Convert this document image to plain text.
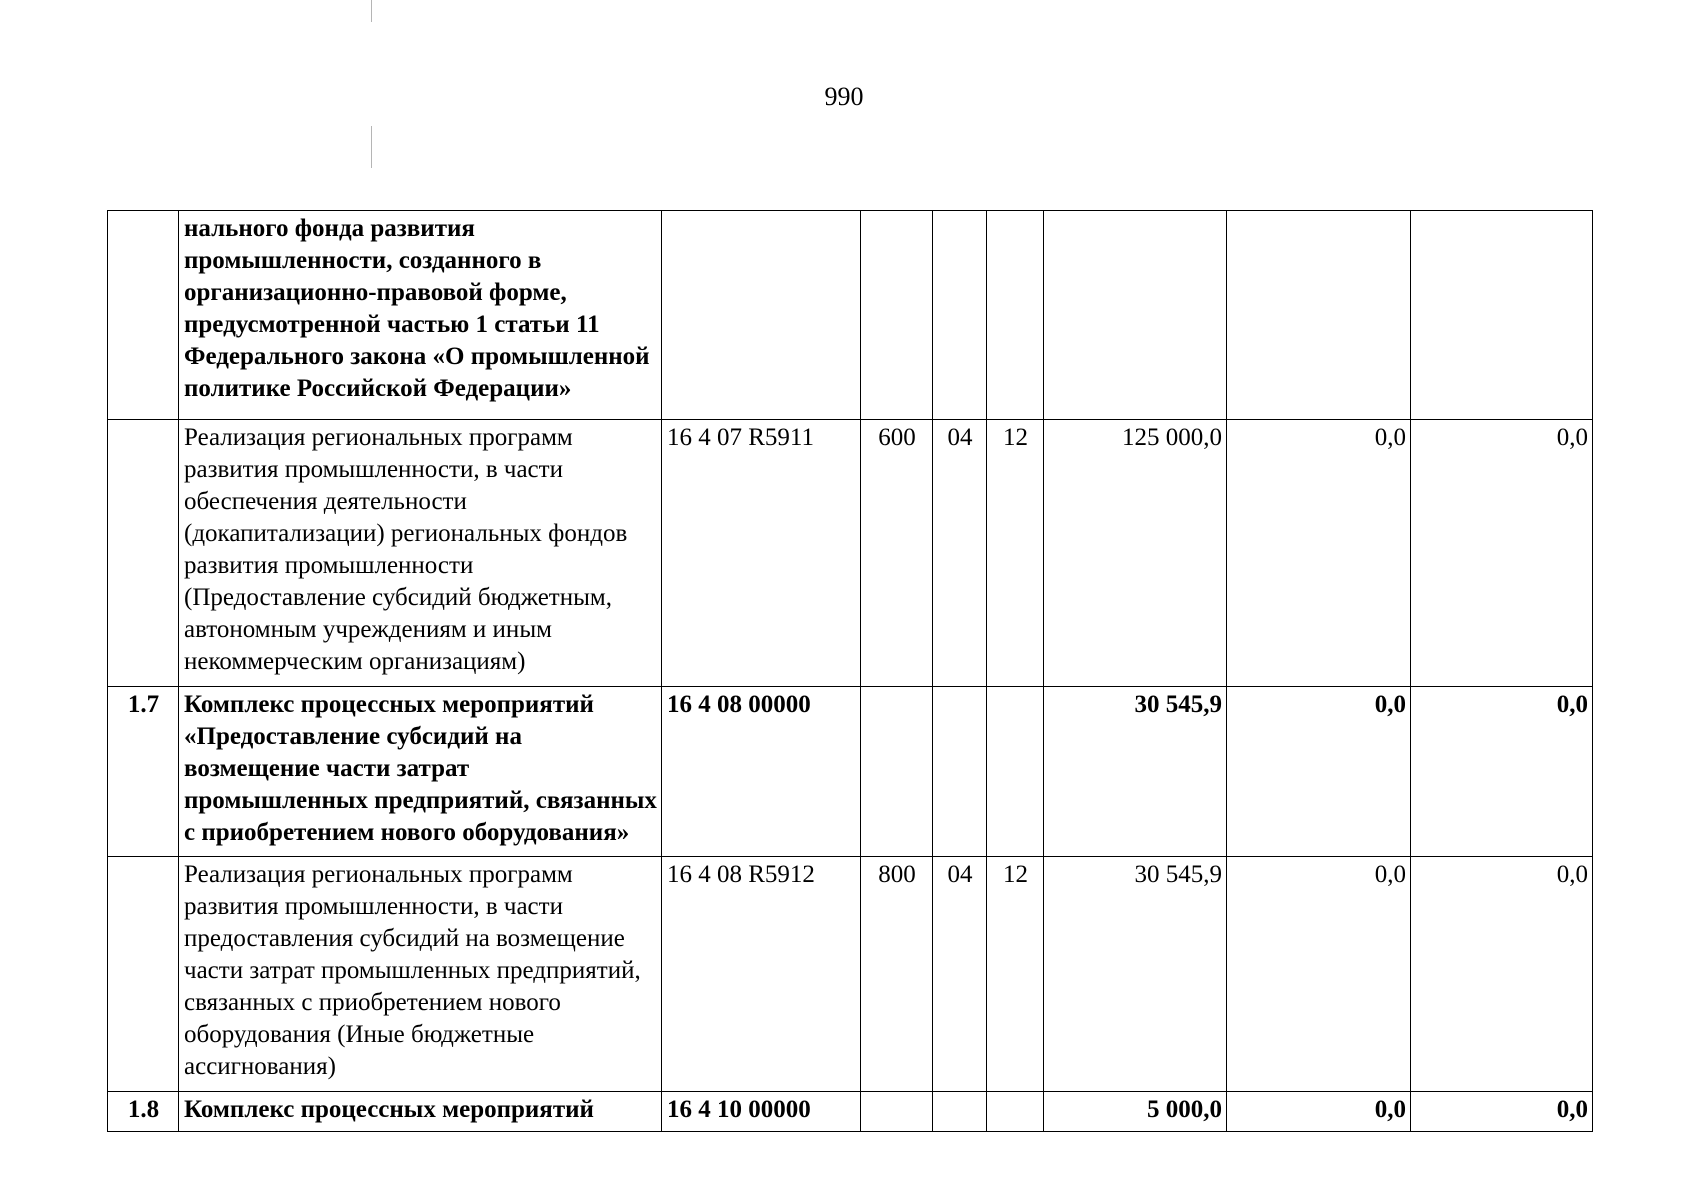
990
	нального фонда развития промышленности, созданного в организационно-правовой форме, предусмотренной частью 1 статьи 11 Федерального закона «О промышленной политике Российской Федерации»							
	Реализация региональных программ развития промышленности, в части обеспечения деятельности (докапитализации) региональных фондов развития промышленности (Предоставление субсидий бюджетным, автономным учреждениям и иным некоммерческим организациям)	16 4 07 R5911	600	04	12	125 000,0	0,0	0,0
1.7	Комплекс процессных мероприятий «Предоставление субсидий на возмещение части затрат промышленных предприятий, связанных с приобретением нового оборудования»	16 4 08 00000				30 545,9	0,0	0,0
	Реализация региональных программ развития промышленности, в части предоставления субсидий на возмещение части затрат промышленных предприятий, связанных с приобретением нового оборудования (Иные бюджетные ассигнования)	16 4 08 R5912	800	04	12	30 545,9	0,0	0,0
1.8	Комплекс процессных мероприятий	16 4 10 00000				5 000,0	0,0	0,0
